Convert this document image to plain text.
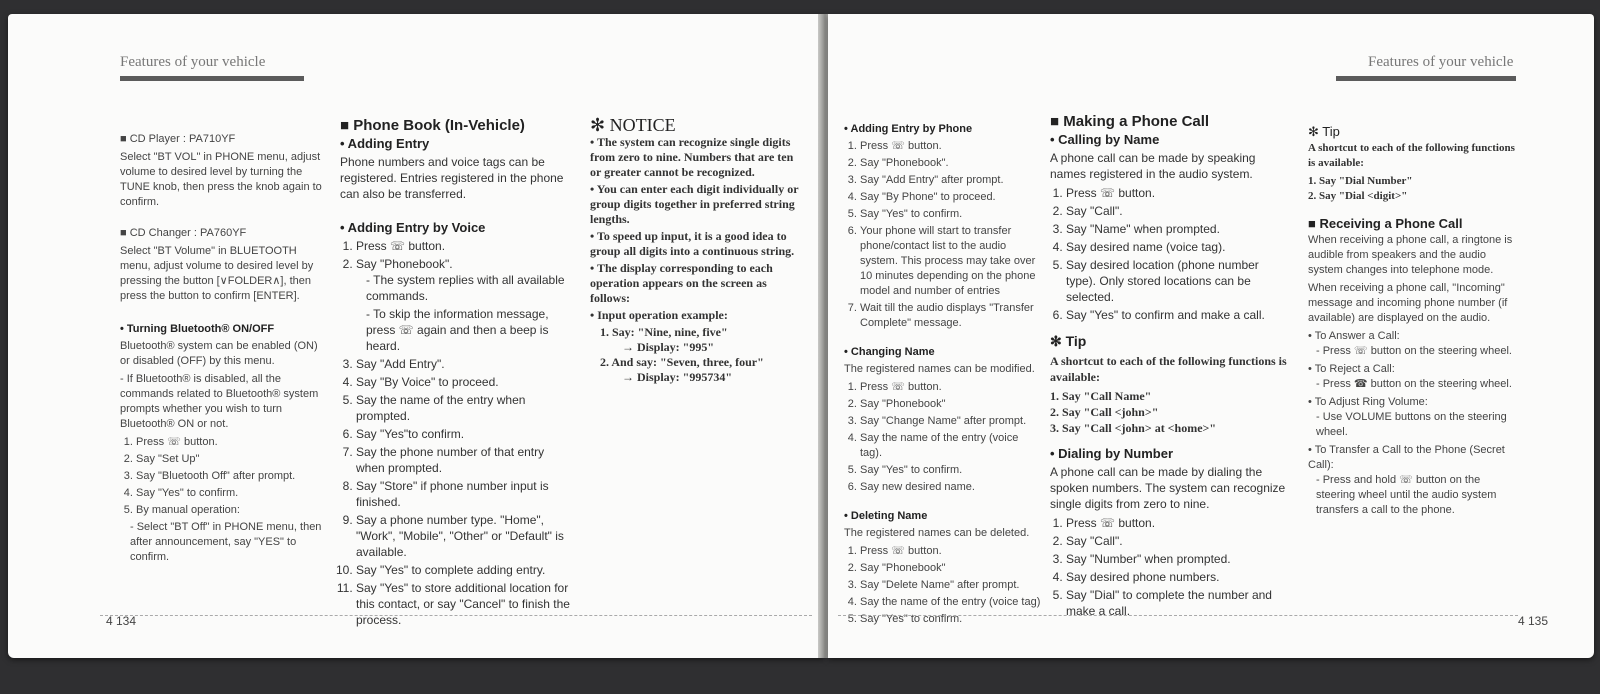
Features of your vehicle

■ CD Player : PA710YF

Select "BT VOL" in PHONE menu, adjust volume to desired level by turning the TUNE knob, then press the knob again to confirm.

■ CD Changer : PA760YF

Select "BT Volume" in BLUETOOTH menu, adjust volume to desired level by pressing the button [∨FOLDER∧], then press the button to confirm [ENTER].

• Turning Bluetooth® ON/OFF

Bluetooth® system can be enabled (ON) or disabled (OFF) by this menu.

- If Bluetooth® is disabled, all the commands related to Bluetooth® system prompts whether you wish to turn Bluetooth® ON or not.

1. Press ☏ button.
2. Say "Set Up"
3. Say "Bluetooth Off" after prompt.
4. Say "Yes" to confirm.
5. By manual operation:

- Select "BT Off" in PHONE menu, then after announcement, say "YES" to confirm.

■ Phone Book (In-Vehicle)
• Adding Entry

Phone numbers and voice tags can be registered. Entries registered in the phone can also be transferred.

• Adding Entry by Voice
1. Press ☏ button.
2. Say "Phonebook".
- The system replies with all available commands.
- To skip the information message, press ☏ again and then a beep is heard.
3. Say "Add Entry".
4. Say "By Voice" to proceed.
5. Say the name of the entry when prompted.
6. Say "Yes"to confirm.
7. Say the phone number of that entry when prompted.
8. Say "Store" if phone number input is finished.
9. Say a phone number type. "Home", "Work", "Mobile", "Other" or "Default" is available.
10. Say "Yes" to complete adding entry.
11. Say "Yes" to store additional location for this contact, or say "Cancel" to finish the process.
✻ NOTICE
• The system can recognize single digits from zero to nine. Numbers that are ten or greater cannot be recognized.
• You can enter each digit individually or group digits together in preferred string lengths.
• To speed up input, it is a good idea to group all digits into a continuous string.
• The display corresponding to each operation appears on the screen as follows:
• Input operation example:

1. Say: "Nine, nine, five"

→ Display: "995"

2. And say: "Seven, three, four"

→ Display: "995734"

4 134
Features of your vehicle
• Adding Entry by Phone
1. Press ☏ button.
2. Say "Phonebook".
3. Say "Add Entry" after prompt.
4. Say "By Phone" to proceed.
5. Say "Yes" to confirm.
6. Your phone will start to transfer phone/contact list to the audio system. This process may take over 10 minutes depending on the phone model and number of entries
7. Wait till the audio displays "Transfer Complete" message.
• Changing Name

The registered names can be modified.

1. Press ☏ button.
2. Say "Phonebook"
3. Say "Change Name" after prompt.
4. Say the name of the entry (voice tag).
5. Say "Yes" to confirm.
6. Say new desired name.
• Deleting Name

The registered names can be deleted.

1. Press ☏ button.
2. Say "Phonebook"
3. Say "Delete Name" after prompt.
4. Say the name of the entry (voice tag)
5. Say "Yes" to confirm.
■ Making a Phone Call
• Calling by Name

A phone call can be made by speaking names registered in the audio system.

1. Press ☏ button.
2. Say "Call".
3. Say "Name" when prompted.
4. Say desired name (voice tag).
5. Say desired location (phone number type). Only stored locations can be selected.
6. Say "Yes" to confirm and make a call.
✻ Tip

A shortcut to each of the following functions is available:

1. Say "Call Name"

2. Say "Call <john>"

3. Say "Call <john> at <home>"

• Dialing by Number

A phone call can be made by dialing the spoken numbers. The system can recognize single digits from zero to nine.

1. Press ☏ button.
2. Say "Call".
3. Say "Number" when prompted.
4. Say desired phone numbers.
5. Say "Dial" to complete the number and make a call.
✻ Tip

A shortcut to each of the following functions is available:

1. Say "Dial Number"

2. Say "Dial <digit>"

■ Receiving a Phone Call

When receiving a phone call, a ringtone is audible from speakers and the audio system changes into telephone mode.

When receiving a phone call, "Incoming" message and incoming phone number (if available) are displayed on the audio.

• To Answer a Call:

- Press ☏ button on the steering wheel.

• To Reject a Call:

- Press ☎ button on the steering wheel.

• To Adjust Ring Volume:

- Use VOLUME buttons on the steering wheel.

• To Transfer a Call to the Phone (Secret Call):

- Press and hold ☏ button on the steering wheel until the audio system transfers a call to the phone.

4 135
